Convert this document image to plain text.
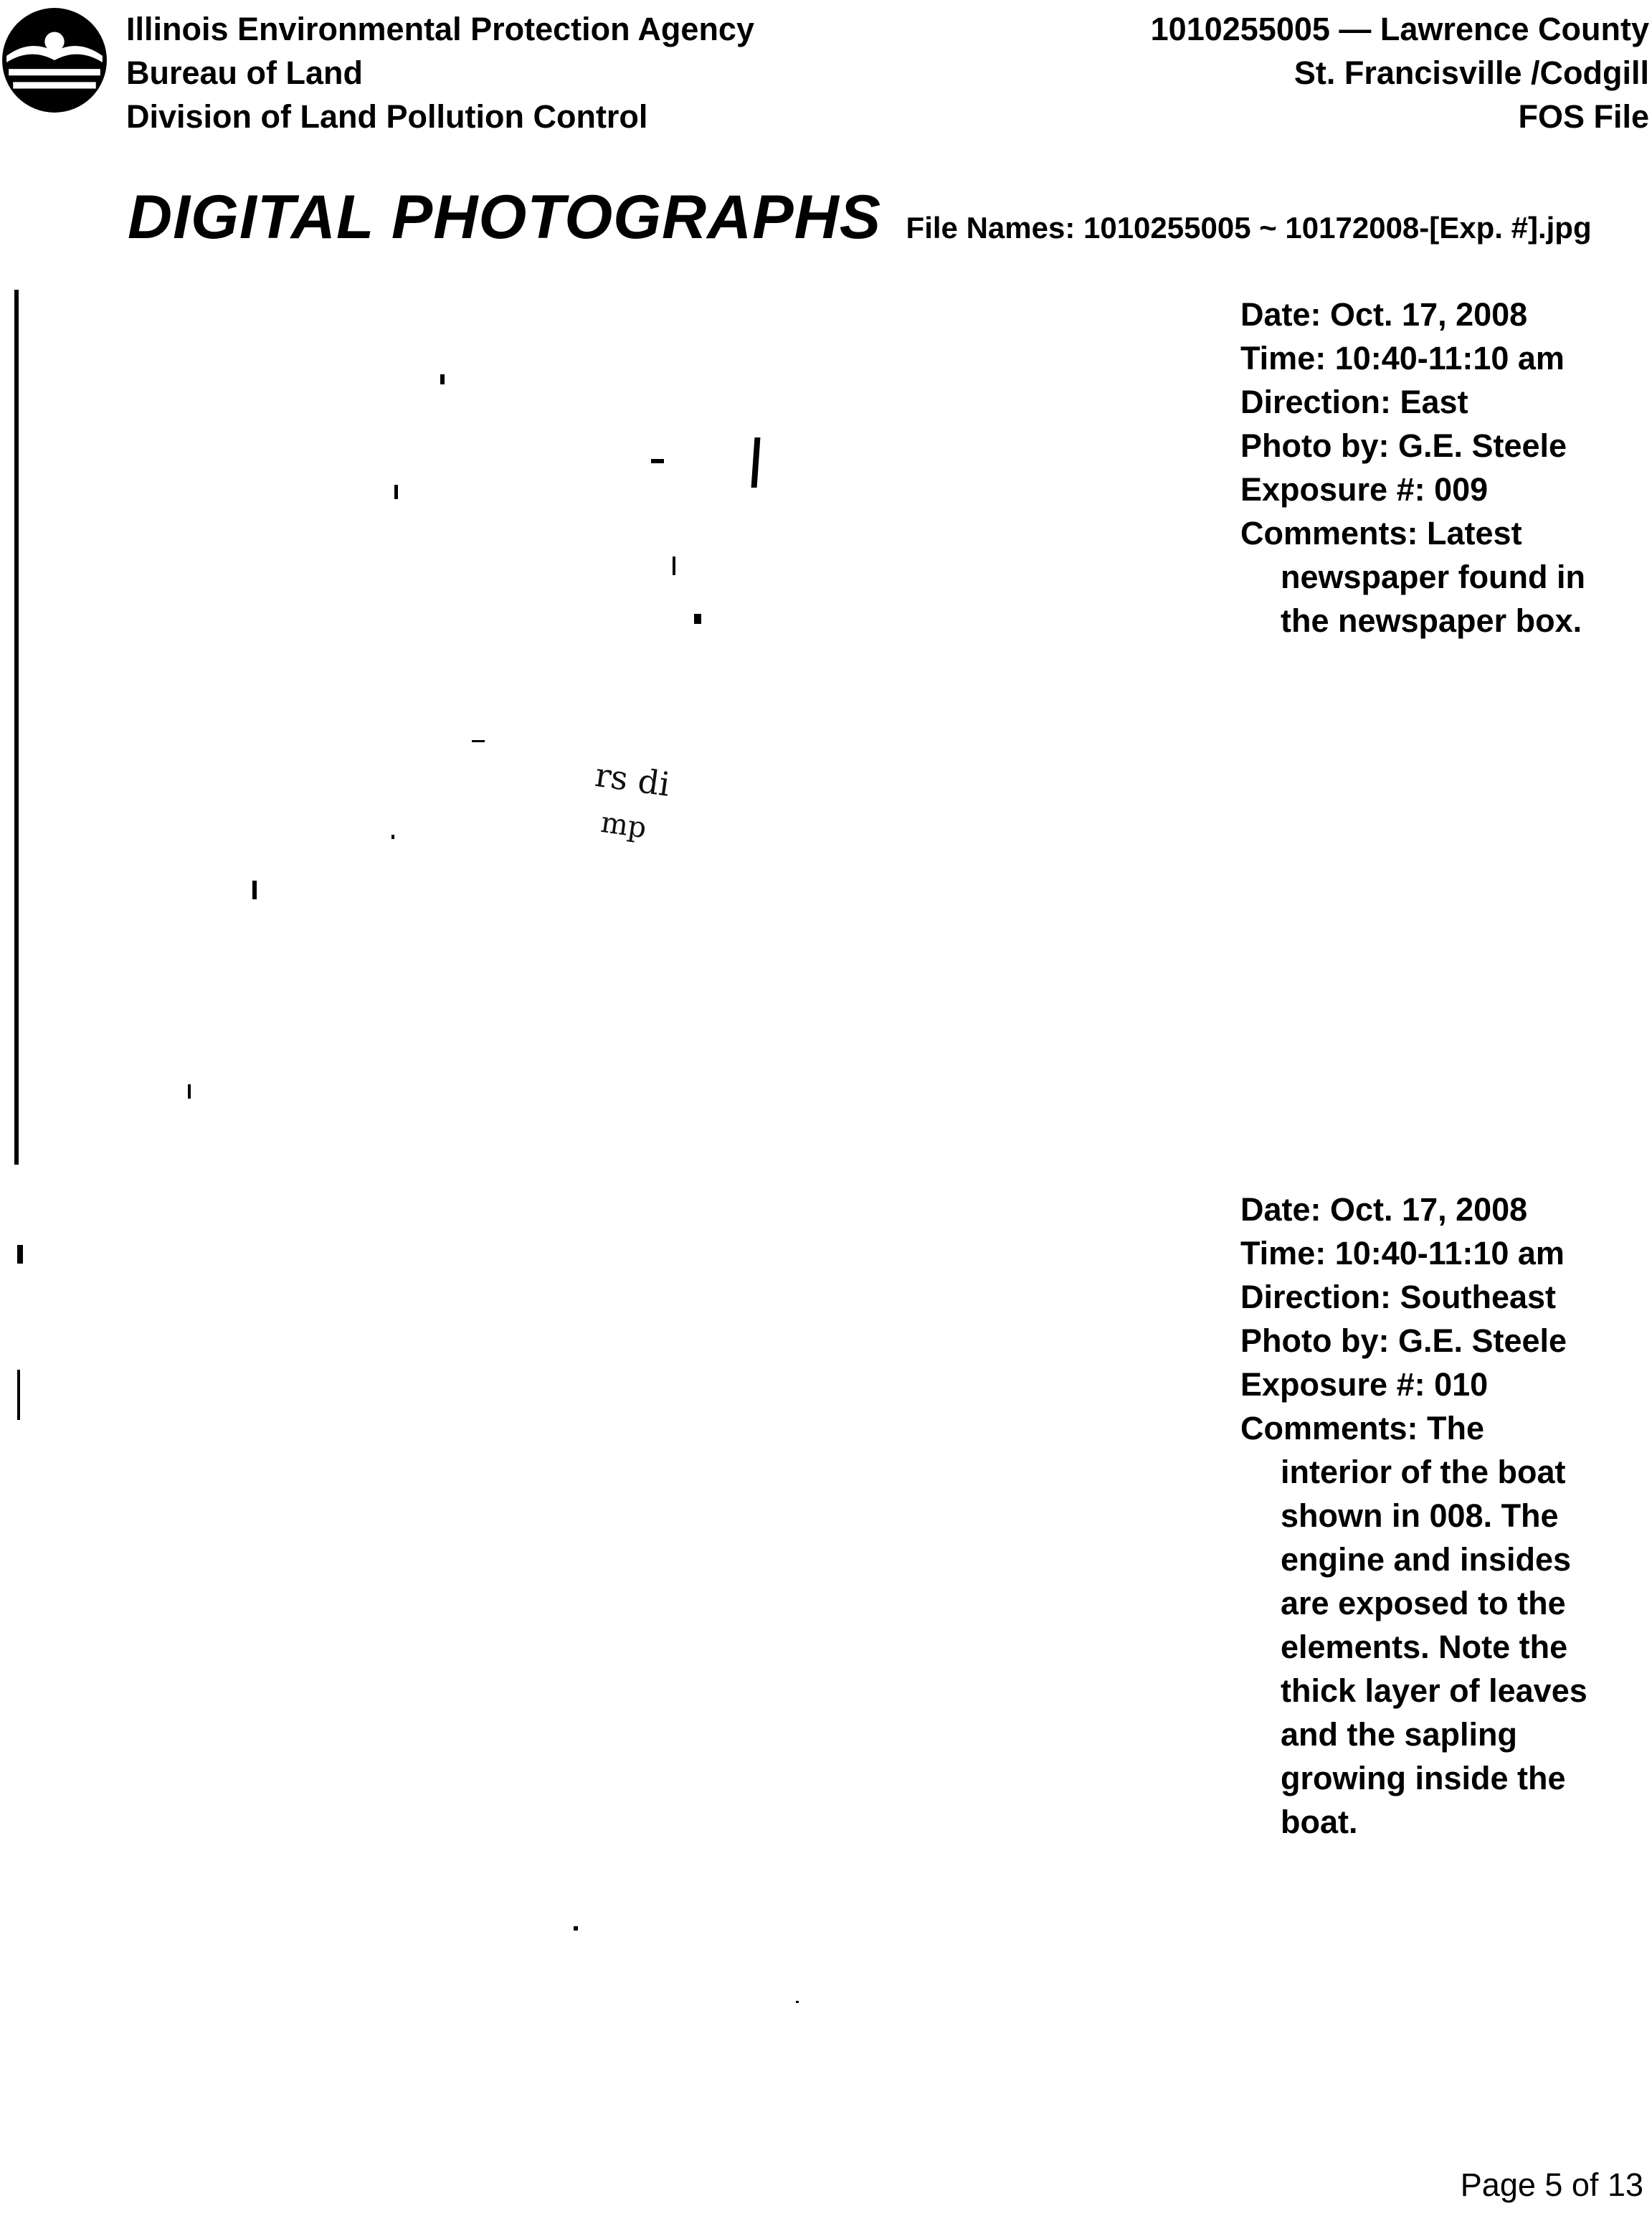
Illinois Environmental Protection Agency
Bureau of Land
Division of Land Pollution Control
1010255005 — Lawrence County
St. Francisville /Codgill
FOS File
DIGITAL PHOTOGRAPHS File Names: 1010255005 ~ 10172008-[Exp. #].jpg
rs di
mp
Date: Oct. 17, 2008
Time: 10:40-11:10 am
Direction: East
Photo by: G.E. Steele
Exposure #: 009
Comments: Latest
newspaper found in the newspaper box.
Date: Oct. 17, 2008
Time: 10:40-11:10 am
Direction: Southeast
Photo by: G.E. Steele
Exposure #: 010
Comments: The
interior of the boat shown in 008. The engine and insides are exposed to the elements. Note the thick layer of leaves and the sapling growing inside the boat.
Page 5 of 13
